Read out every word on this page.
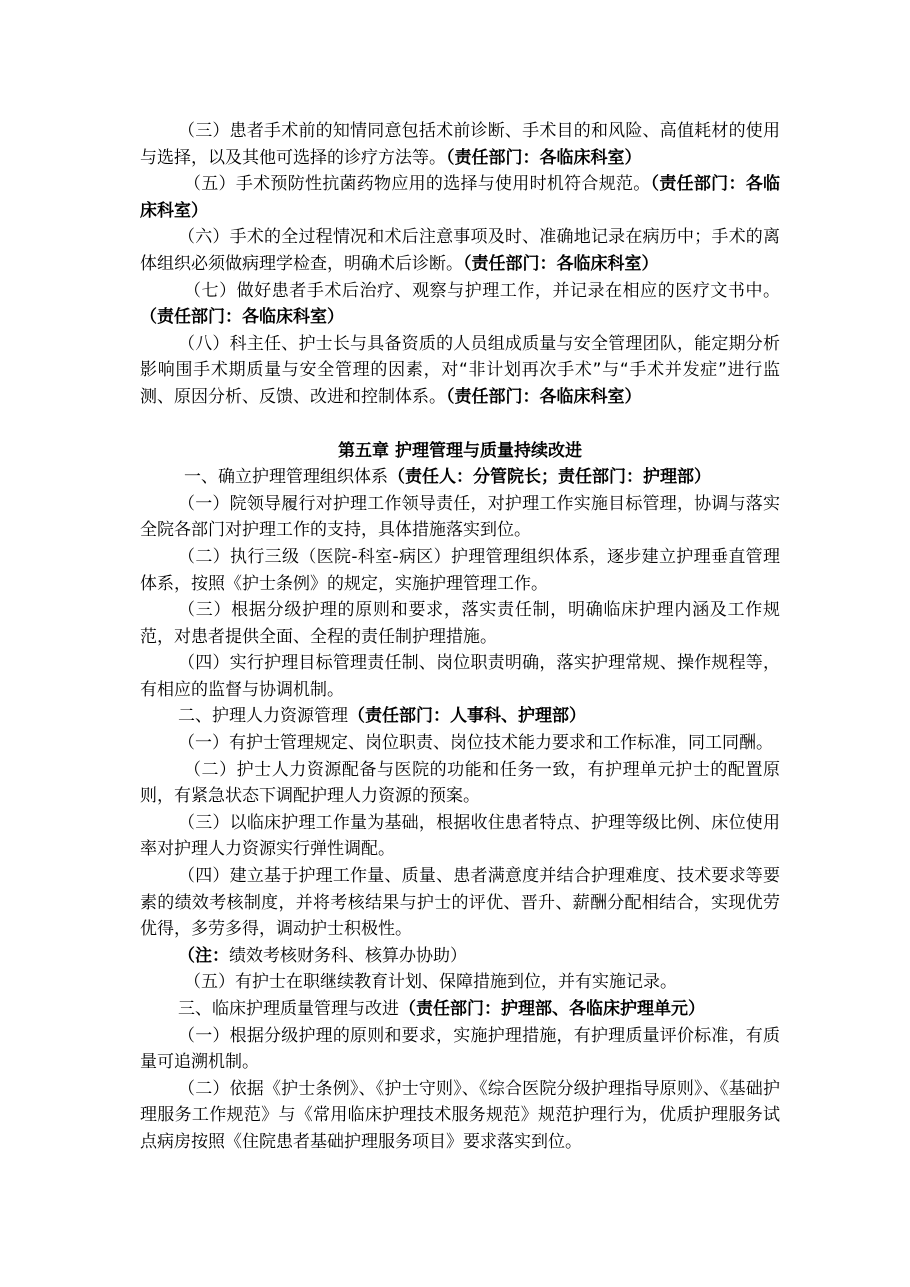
（三）患者手术前的知情同意包括术前诊断、手术目的和风险、高值耗材的使用与选择，以及其他可选择的诊疗方法等。（责任部门：各临床科室）

（五）手术预防性抗菌药物应用的选择与使用时机符合规范。（责任部门：各临床科室）

（六）手术的全过程情况和术后注意事项及时、准确地记录在病历中；手术的离体组织必须做病理学检查，明确术后诊断。（责任部门：各临床科室）

（七）做好患者手术后治疗、观察与护理工作，并记录在相应的医疗文书中。（责任部门：各临床科室）

（八）科主任、护士长与具备资质的人员组成质量与安全管理团队，能定期分析影响围手术期质量与安全管理的因素，对“非计划再次手术”与“手术并发症”进行监测、原因分析、反馈、改进和控制体系。（责任部门：各临床科室）

第五章 护理管理与质量持续改进

一、确立护理管理组织体系（责任人：分管院长；责任部门：护理部）

（一）院领导履行对护理工作领导责任，对护理工作实施目标管理，协调与落实全院各部门对护理工作的支持，具体措施落实到位。

（二）执行三级（医院-科室-病区）护理管理组织体系，逐步建立护理垂直管理体系，按照《护士条例》的规定，实施护理管理工作。

（三）根据分级护理的原则和要求，落实责任制，明确临床护理内涵及工作规范，对患者提供全面、全程的责任制护理措施。

（四）实行护理目标管理责任制、岗位职责明确，落实护理常规、操作规程等，有相应的监督与协调机制。

二、护理人力资源管理（责任部门：人事科、护理部）

（一）有护士管理规定、岗位职责、岗位技术能力要求和工作标准，同工同酬。

（二）护士人力资源配备与医院的功能和任务一致，有护理单元护士的配置原则，有紧急状态下调配护理人力资源的预案。

（三）以临床护理工作量为基础，根据收住患者特点、护理等级比例、床位使用率对护理人力资源实行弹性调配。

（四）建立基于护理工作量、质量、患者满意度并结合护理难度、技术要求等要素的绩效考核制度，并将考核结果与护士的评优、晋升、薪酬分配相结合，实现优劳优得，多劳多得，调动护士积极性。

（注：绩效考核财务科、核算办协助）

（五）有护士在职继续教育计划、保障措施到位，并有实施记录。

三、临床护理质量管理与改进（责任部门：护理部、各临床护理单元）

（一）根据分级护理的原则和要求，实施护理措施，有护理质量评价标准，有质量可追溯机制。

（二）依据《护士条例》、《护士守则》、《综合医院分级护理指导原则》、《基础护理服务工作规范》与《常用临床护理技术服务规范》规范护理行为，优质护理服务试点病房按照《住院患者基础护理服务项目》要求落实到位。
